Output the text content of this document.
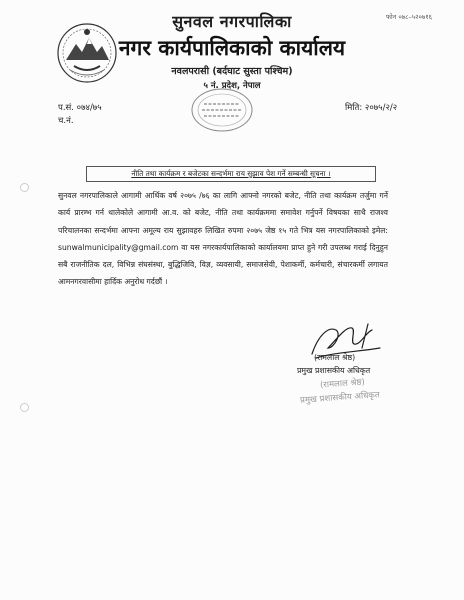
फोन ०७८–५२०७१६
सुनवल नगरपालिका
नगर कार्यपालिकाको कार्यालय
नवलपरासी (बर्दघाट सुस्ता पश्चिम)
५ नं. प्रदेश, नेपाल
प.सं. ०७४/७५
च.नं.
मिति: २०७५/२/२
नीति तथा कार्यक्रम र बजेटका सन्दर्भमा राय सुझाव पेश गर्ने सम्बन्धी सूचना ।

सुनवल नगरपालिकाले आगामी आर्थिक वर्ष २०७५ /७६ का लागि आफ्नो नगरको बजेट, नीति तथा कार्यक्रम तर्जुमा गर्ने कार्य प्रारम्भ गर्न थालेकोले आगामी आ.व. को बजेट, नीति तथा कार्यक्रममा समावेश गर्नुपर्ने विषयका साथै राजश्व परिचालनका सन्दर्भमा आफ्ना अमूल्य राय सुझावहरु लिखित रुपमा २०७५ जेष्ठ १५ गते भित्र यस नगरपालिकाको इमेल: sunwalmunicipality@gmail.com वा यस नगरकार्यपालिकाको कार्यालयमा प्राप्त हुने गरी उपलब्ध गराई दिनुहुन सबै राजनीतिक दल, विभिन्न संघसंस्था, बुद्धिजिवि, विज्ञ, व्यवसायी, समाजसेवी, पेशाकर्मी, कर्मचारी, संचारकर्मी लगायत आमनगरवासीमा हार्दिक अनुरोध गर्दछौं ।

(रामलाल श्रेष्ठ)
प्रमुख प्रशासकीय अधिकृत
(रामलाल श्रेष्ठ)
प्रमुख प्रशासकीय अधिकृत
